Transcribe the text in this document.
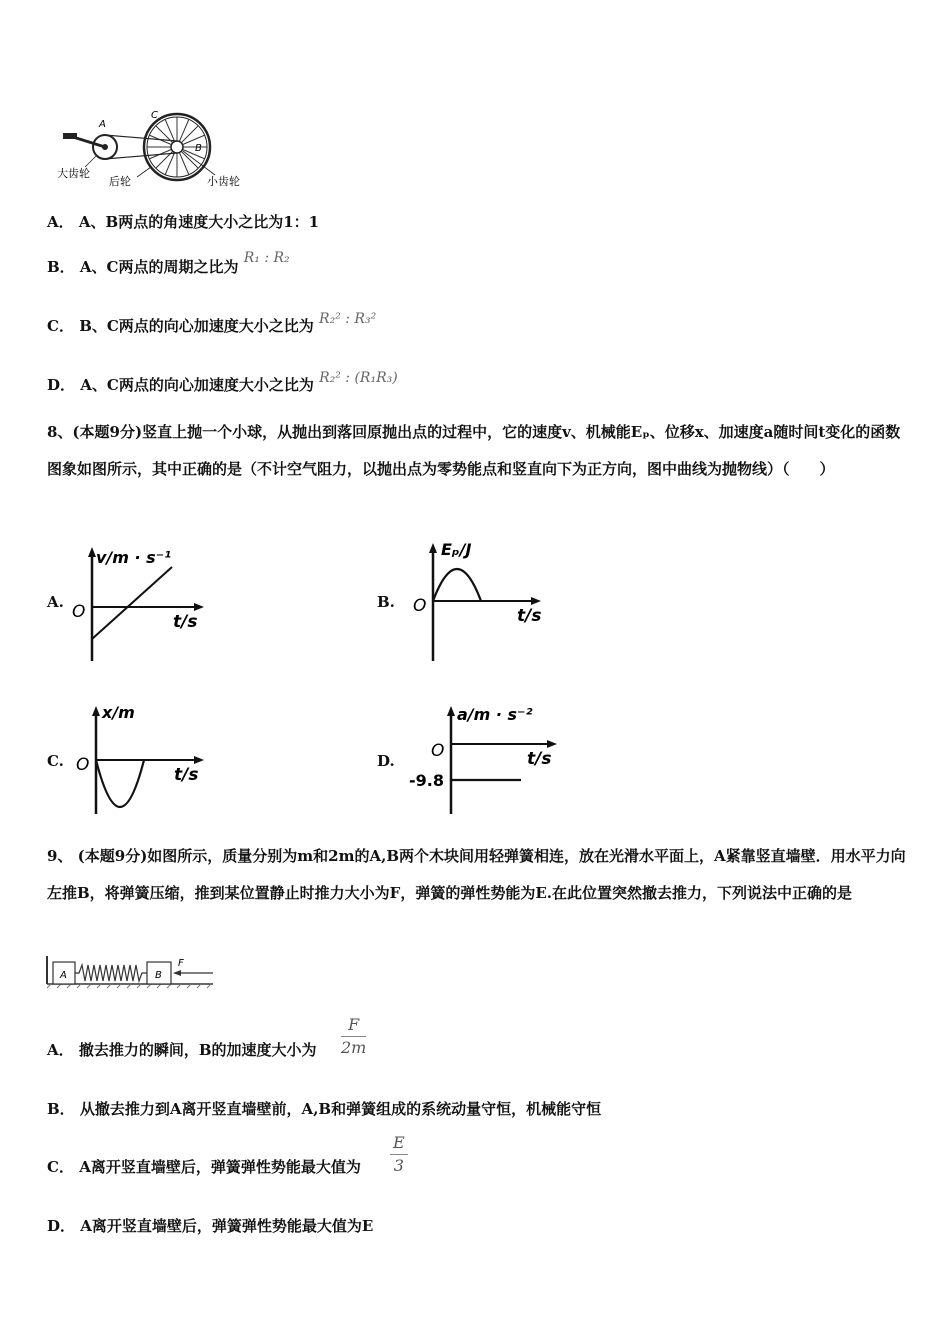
A
C
B
大齿轮
后轮	小齿轮
A． A、B两点的角速度大小之比为1：1
B． A、C两点的周期之比为 R₁ : R₂
C． B、C两点的向心加速度大小之比为 R₂² : R₃²
D． A、C两点的向心加速度大小之比为 R₂² : (R₁R₃)
8、(本题9分)竖直上抛一个小球，从抛出到落回原抛出点的过程中，它的速度v、机械能Eₚ、位移x、加速度a随时间t变化的函数图象如图所示，其中正确的是（不计空气阻力，以抛出点为零势能点和竖直向下为正方向，图中曲线为抛物线）（　　）
A.
v/m · s⁻¹
O	t/s
B.
Eₚ/J
O	t/s
C.
x/m
O	t/s
D.
a/m · s⁻²
O	t/s
-9.8
9、 (本题9分)如图所示，质量分别为m和2m的A,B两个木块间用轻弹簧相连，放在光滑水平面上，A紧靠竖直墙壁．用水平力向左推B，将弹簧压缩，推到某位置静止时推力大小为F，弹簧的弹性势能为E.在此位置突然撤去推力，下列说法中正确的是
A	B
F
A． 撤去推力的瞬间，B的加速度大小为 $\frac{F}{2m}$
B． 从撤去推力到A离开竖直墙壁前，A,B和弹簧组成的系统动量守恒，机械能守恒
C． A离开竖直墙壁后，弹簧弹性势能最大值为 $\frac{E}{3}$
D． A离开竖直墙壁后，弹簧弹性势能最大值为E
